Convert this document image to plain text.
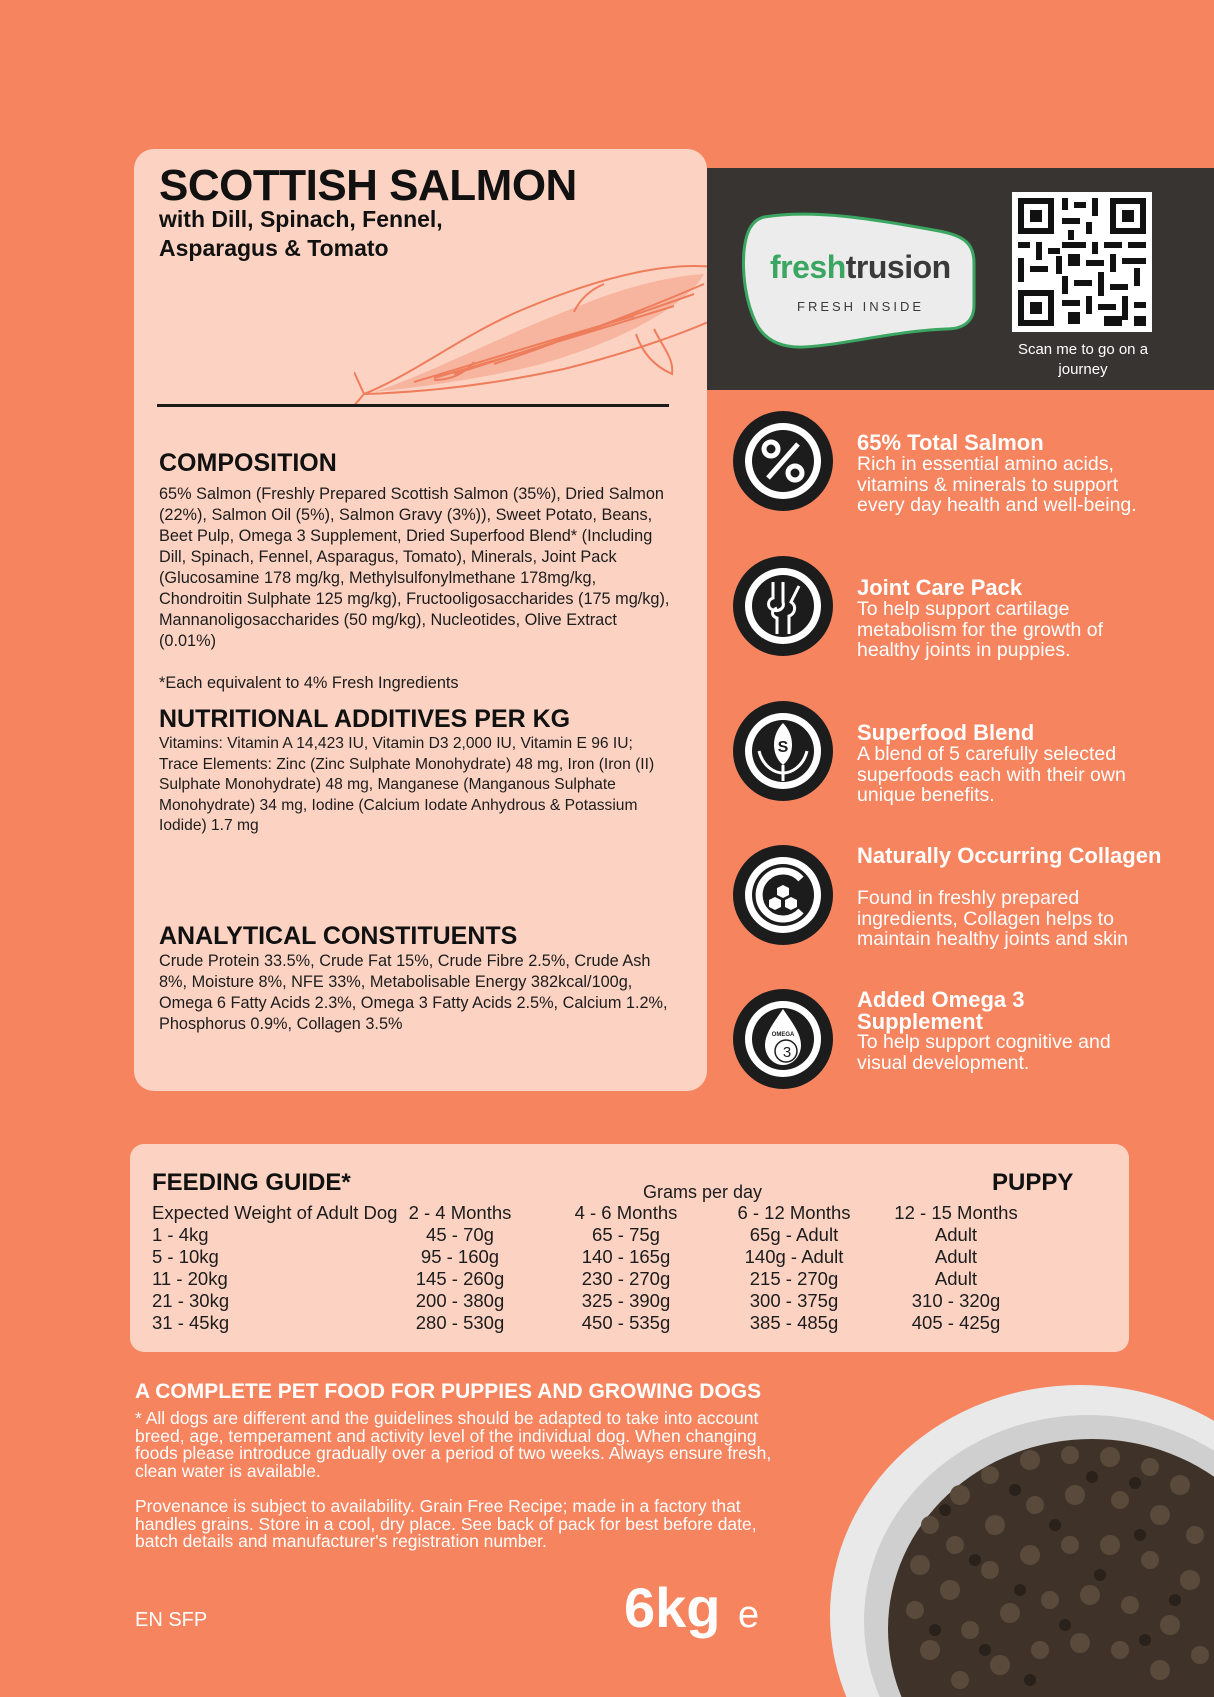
SCOTTISH SALMON
with Dill, Spinach, Fennel, Asparagus & Tomato
COMPOSITION

65% Salmon (Freshly Prepared Scottish Salmon (35%), Dried Salmon (22%), Salmon Oil (5%), Salmon Gravy (3%)), Sweet Potato, Beans, Beet Pulp, Omega 3 Supplement, Dried Superfood Blend* (Including Dill, Spinach, Fennel, Asparagus, Tomato), Minerals, Joint Pack (Glucosamine 178 mg/kg, Methylsulfonylmethane 178mg/kg, Chondroitin Sulphate 125 mg/kg), Fructooligosaccharides (175 mg/kg), Mannanoligosaccharides (50 mg/kg), Nucleotides, Olive Extract (0.01%)

*Each equivalent to 4% Fresh Ingredients

NUTRITIONAL ADDITIVES PER KG

Vitamins: Vitamin A 14,423 IU, Vitamin D3 2,000 IU, Vitamin E 96 IU; Trace Elements: Zinc (Zinc Sulphate Monohydrate) 48 mg, Iron (Iron (II) Sulphate Monohydrate) 48 mg, Manganese (Manganous Sulphate Monohydrate) 34 mg, Iodine (Calcium Iodate Anhydrous & Potassium Iodide) 1.7 mg

ANALYTICAL CONSTITUENTS

Crude Protein 33.5%, Crude Fat 15%, Crude Fibre 2.5%, Crude Ash 8%, Moisture 8%, NFE 33%, Metabolisable Energy 382kcal/100g, Omega 6 Fatty Acids 2.3%, Omega 3 Fatty Acids 2.5%, Calcium 1.2%, Phosphorus 0.9%, Collagen 3.5%

freshtrusion
FRESH INSIDE
Scan me to go on a journey
65% Total Salmon

Rich in essential amino acids, vitamins & minerals to support every day health and well-being.

Joint Care Pack

To help support cartilage metabolism for the growth of healthy joints in puppies.

S
Superfood Blend

A blend of 5 carefully selected superfoods each with their own unique benefits.

Naturally Occurring Collagen

Found in freshly prepared ingredients, Collagen helps to maintain healthy joints and skin

OMEGA
3
Added Omega 3 Supplement

To help support cognitive and visual development.

FEEDING GUIDE*	Grams per day	PUPPY
Expected Weight of Adult Dog 2 - 4 Months	4 - 6 Months	6 - 12 Months	12 - 15 Months
1 - 4kg	45 - 70g	65 - 75g	65g - Adult	Adult
5 - 10kg	95 - 160g	140 - 165g	140g - Adult	Adult
11 - 20kg	145 - 260g	230 - 270g	215 - 270g	Adult
21 - 30kg	200 - 380g	325 - 390g	300 - 375g	310 - 320g
31 - 45kg	280 - 530g	450 - 535g	385 - 485g	405 - 425g
A COMPLETE PET FOOD FOR PUPPIES AND GROWING DOGS

* All dogs are different and the guidelines should be adapted to take into account breed, age, temperament and activity level of the individual dog. When changing foods please introduce gradually over a period of two weeks. Always ensure fresh, clean water is available.

Provenance is subject to availability. Grain Free Recipe; made in a factory that handles grains. Store in a cool, dry place. See back of pack for best before date, batch details and manufacturer's registration number.

EN SFP	6kg e
